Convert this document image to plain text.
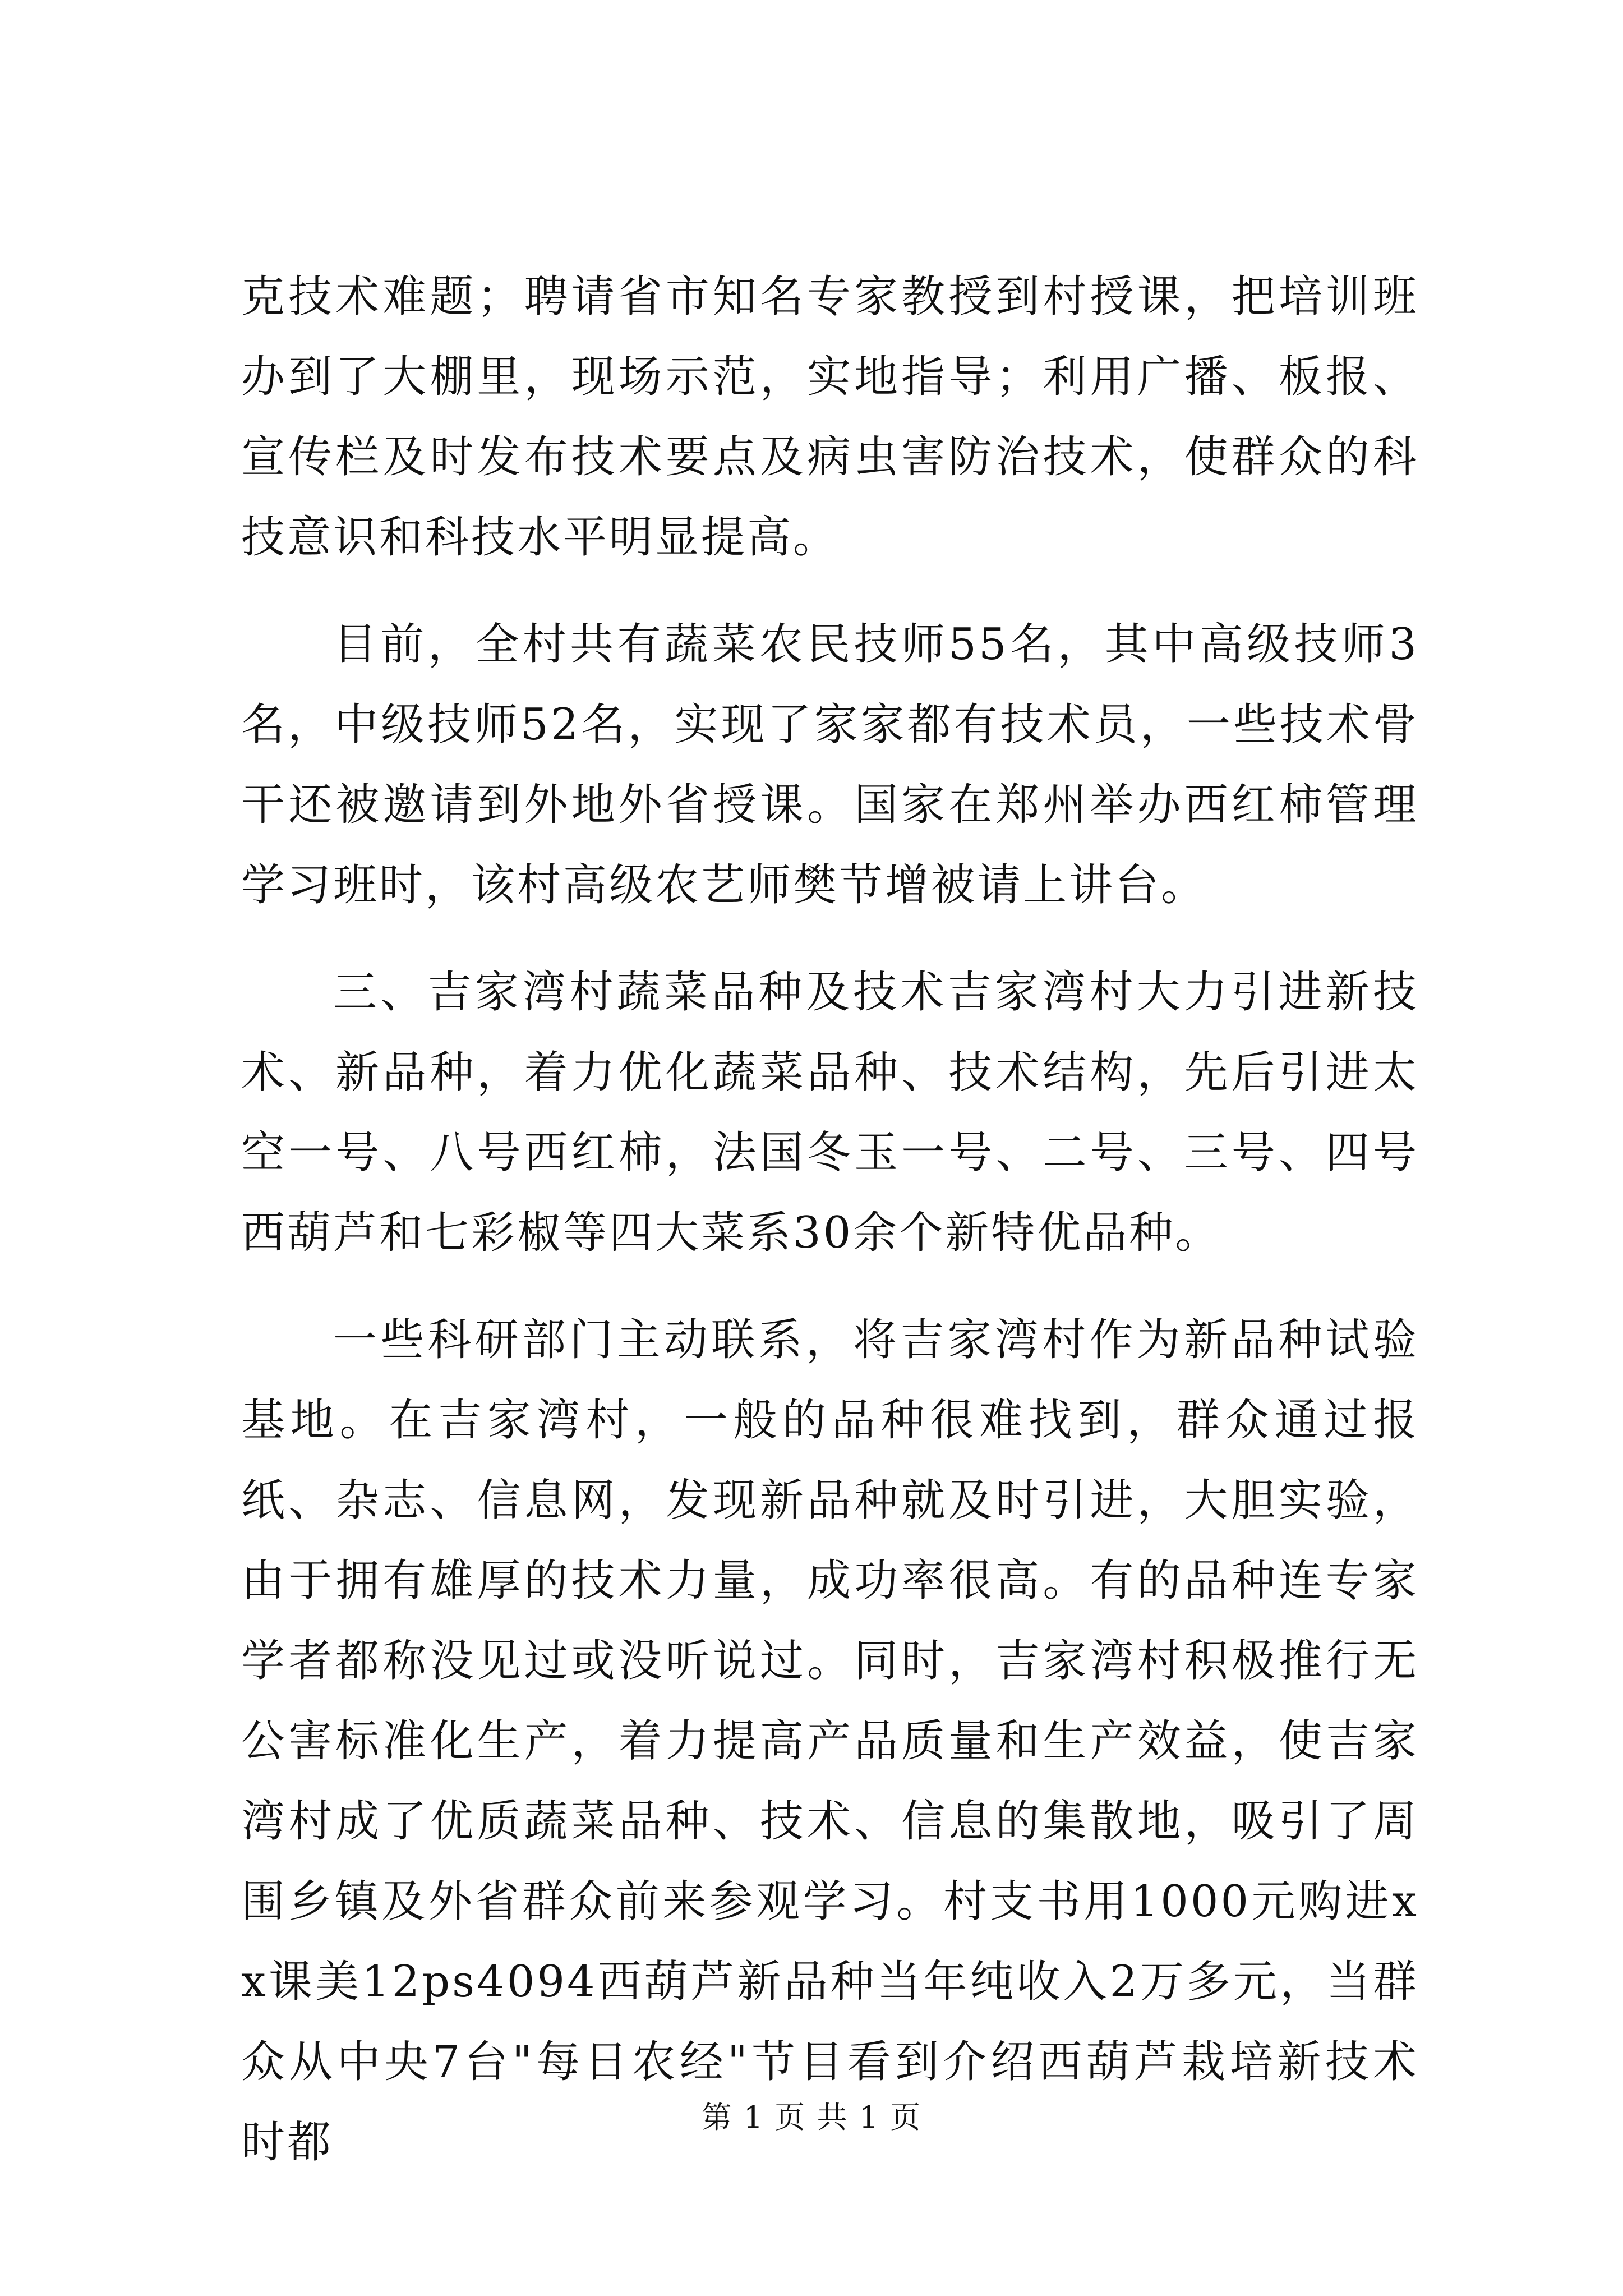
克技术难题；聘请省市知名专家教授到村授课，把培训班办到了大棚里，现场示范，实地指导；利用广播、板报、宣传栏及时发布技术要点及病虫害防治技术，使群众的科技意识和科技水平明显提高。

目前，全村共有蔬菜农民技师55名，其中高级技师3名，中级技师52名，实现了家家都有技术员，一些技术骨干还被邀请到外地外省授课。国家在郑州举办西红柿管理学习班时，该村高级农艺师樊节增被请上讲台。

三、吉家湾村蔬菜品种及技术吉家湾村大力引进新技术、新品种，着力优化蔬菜品种、技术结构，先后引进太空一号、八号西红柿，法国冬玉一号、二号、三号、四号西葫芦和七彩椒等四大菜系30余个新特优品种。

一些科研部门主动联系，将吉家湾村作为新品种试验基地。在吉家湾村，一般的品种很难找到，群众通过报纸、杂志、信息网，发现新品种就及时引进，大胆实验，由于拥有雄厚的技术力量，成功率很高。有的品种连专家学者都称没见过或没听说过。同时，吉家湾村积极推行无公害标准化生产，着力提高产品质量和生产效益，使吉家湾村成了优质蔬菜品种、技术、信息的集散地，吸引了周围乡镇及外省群众前来参观学习。村支书用1000元购进xx课美12ps4094西葫芦新品种当年纯收入2万多元，当群众从中央7台"每日农经"节目看到介绍西葫芦栽培新技术时都	第 1 页 共 1 页
